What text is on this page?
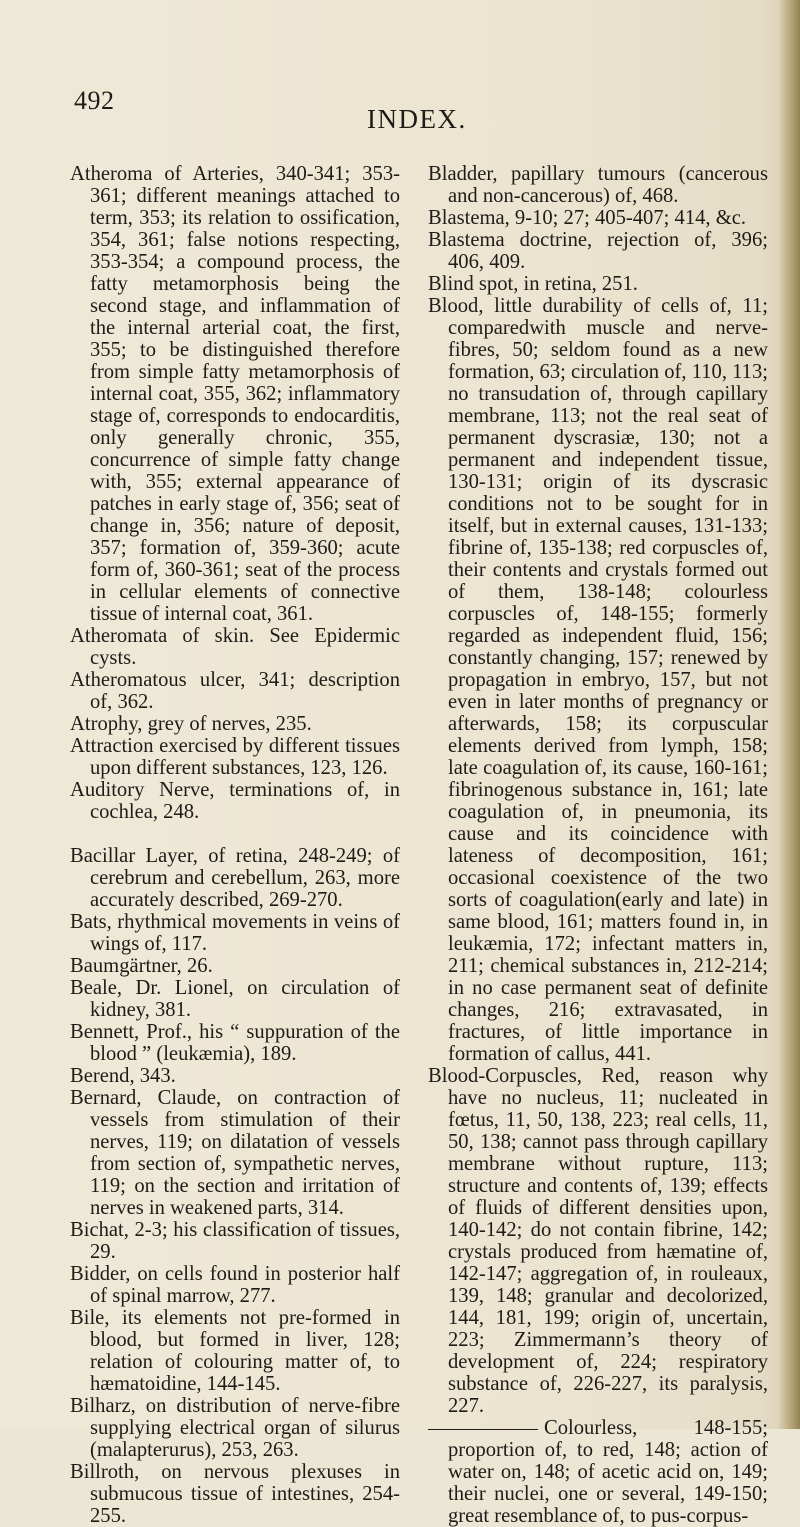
492
INDEX.

Atheroma of Arteries, 340-341; 353-361; different meanings attached to term, 353; its relation to ossification, 354, 361; false notions respecting, 353-354; a compound process, the fatty metamorphosis being the second stage, and inflammation of the internal arterial coat, the first, 355; to be distinguished therefore from simple fatty metamorphosis of internal coat, 355, 362; inflammatory stage of, corresponds to endocarditis, only generally chronic, 355, concurrence of simple fatty change with, 355; external appearance of patches in early stage of, 356; seat of change in, 356; nature of deposit, 357; formation of, 359-360; acute form of, 360-361; seat of the process in cellular elements of connective tissue of internal coat, 361.

Atheromata of skin. See Epidermic cysts.

Atheromatous ulcer, 341; description of, 362.

Atrophy, grey of nerves, 235.

Attraction exercised by different tissues upon different substances, 123, 126.

Auditory Nerve, terminations of, in cochlea, 248.

Bacillar Layer, of retina, 248-249; of cerebrum and cerebellum, 263, more accurately described, 269-270.

Bats, rhythmical movements in veins of wings of, 117.

Baumgärtner, 26.

Beale, Dr. Lionel, on circulation of kidney, 381.

Bennett, Prof., his “ suppuration of the blood ” (leukæmia), 189.

Berend, 343.

Bernard, Claude, on contraction of vessels from stimulation of their nerves, 119; on dilatation of vessels from section of, sympathetic nerves, 119; on the section and irritation of nerves in weakened parts, 314.

Bichat, 2-3; his classification of tissues, 29.

Bidder, on cells found in posterior half of spinal marrow, 277.

Bile, its elements not pre-formed in blood, but formed in liver, 128; relation of colouring matter of, to hæmatoidine, 144-145.

Bilharz, on distribution of nerve-fibre supplying electrical organ of silurus (malapterurus), 253, 263.

Billroth, on nervous plexuses in submucous tissue of intestines, 254-255.

Bladder, papillary tumours (cancerous and non-cancerous) of, 468.

Blastema, 9-10; 27; 405-407; 414, &c.

Blastema doctrine, rejection of, 396; 406, 409.

Blind spot, in retina, 251.

Blood, little durability of cells of, 11; comparedwith muscle and nerve-fibres, 50; seldom found as a new formation, 63; circulation of, 110, 113; no transudation of, through capillary membrane, 113; not the real seat of permanent dyscrasiæ, 130; not a permanent and independent tissue, 130-131; origin of its dyscrasic conditions not to be sought for in itself, but in external causes, 131-133; fibrine of, 135-138; red corpuscles of, their contents and crystals formed out of them, 138-148; colourless corpuscles of, 148-155; formerly regarded as independent fluid, 156; constantly changing, 157; renewed by propagation in embryo, 157, but not even in later months of pregnancy or afterwards, 158; its corpuscular elements derived from lymph, 158; late coagulation of, its cause, 160-161; fibrinogenous substance in, 161; late coagulation of, in pneumonia, its cause and its coincidence with lateness of decomposition, 161; occasional coexistence of the two sorts of coagulation(early and late) in same blood, 161; matters found in, in leukæmia, 172; infectant matters in, 211; chemical substances in, 212-214; in no case permanent seat of definite changes, 216; extravasated, in fractures, of little importance in formation of callus, 441.

Blood-Corpuscles, Red, reason why have no nucleus, 11; nucleated in fœtus, 11, 50, 138, 223; real cells, 11, 50, 138; cannot pass through capillary membrane without rupture, 113; structure and contents of, 139; effects of fluids of different densities upon, 140-142; do not contain fibrine, 142; crystals produced from hæmatine of, 142-147; aggregation of, in rouleaux, 139, 148; granular and decolorized, 144, 181, 199; origin of, uncertain, 223; Zimmermann’s theory of development of, 224; respiratory substance of, 226-227, its paralysis, 227.

Colourless, 148-155; proportion of, to red, 148; action of water on, 148; of acetic acid on, 149; their nuclei, one or several, 149-150; great resemblance of, to pus-corpus-
